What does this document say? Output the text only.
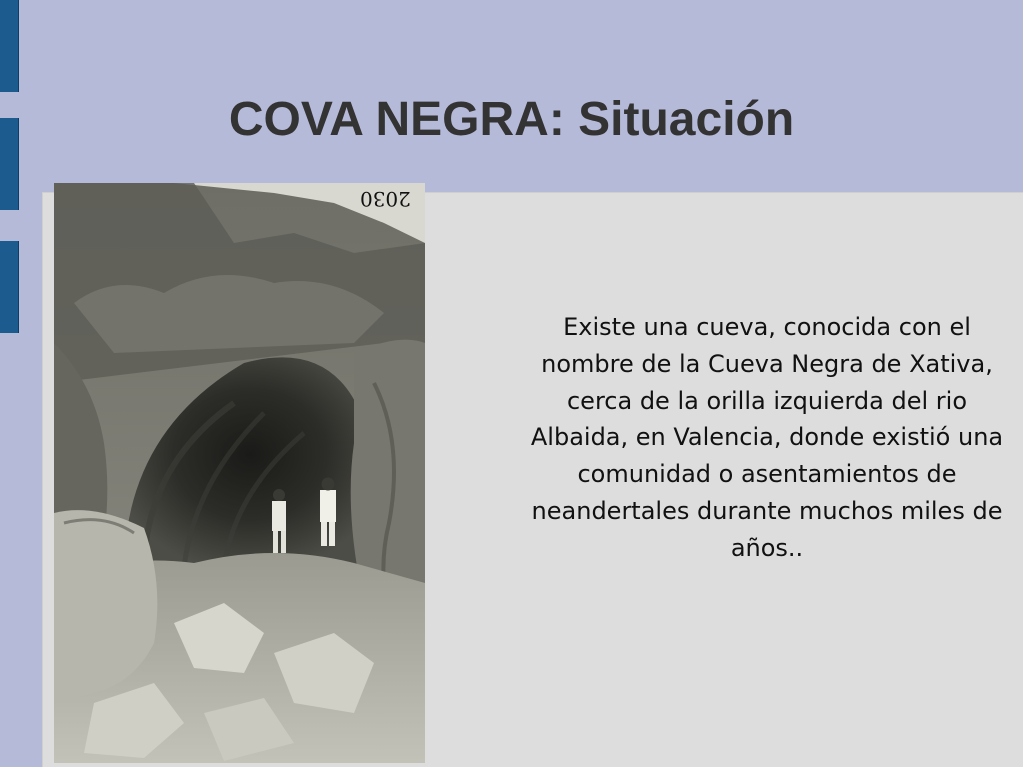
COVA NEGRA: Situación
2030
Existe una cueva, conocida con el nombre de la Cueva Negra de Xativa, cerca de la orilla izquierda del rio Albaida, en Valencia, donde existió una comunidad o asentamientos de neandertales durante muchos miles de años..
